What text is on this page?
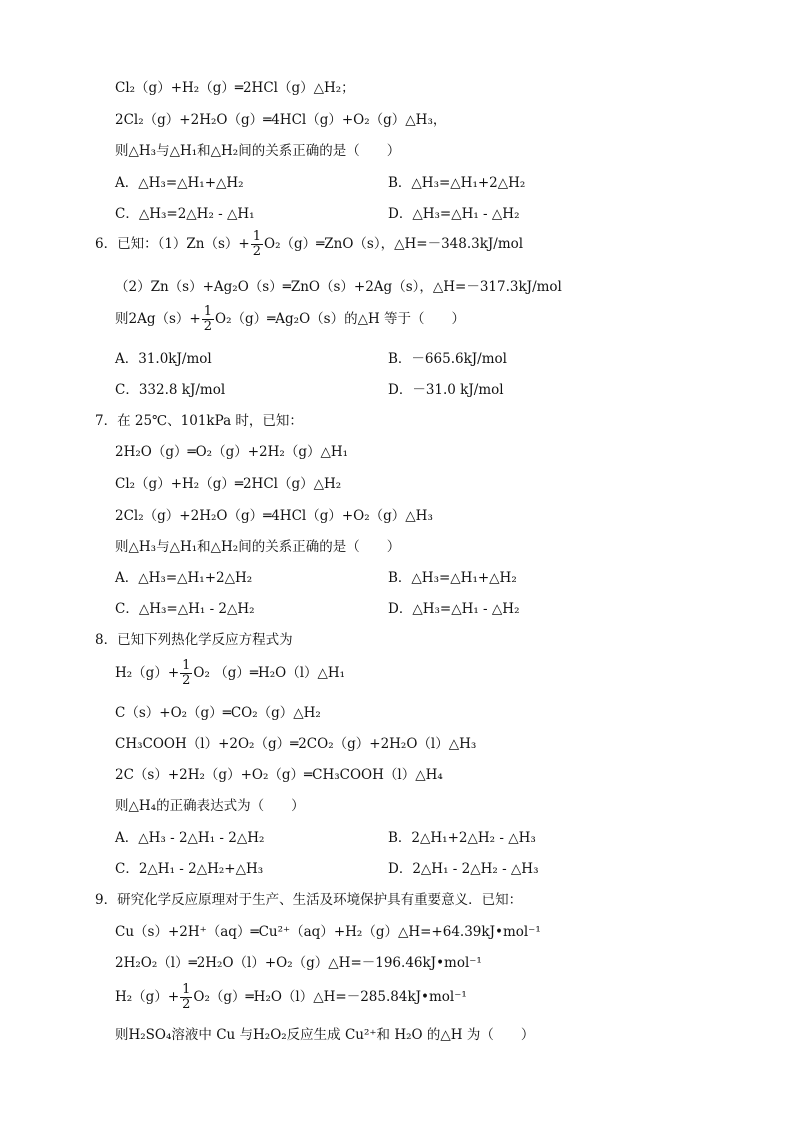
Cl₂（g）+H₂（g）═2HCl（g）△H₂；
2Cl₂（g）+2H₂O（g）═4HCl（g）+O₂（g）△H₃，
则△H₃与△H₁和△H₂间的关系正确的是（　　）
A．△H₃=△H₁+△H₂	B．△H₃=△H₁+2△H₂
C．△H₃=2△H₂ - △H₁	D．△H₃=△H₁ - △H₂
6．已知：$(1)Zn(s)+ \frac{1}{2}$ O₂（g）═ZnO（s），△H=－348.3kJ/mol
（2）Zn（s）+Ag₂O（s）═ZnO（s）+2Ag（s），△H=－317.3kJ/mol
则$2Ag(s)+ \frac{1}{2}$ O₂（g）═Ag₂O（s）的△H 等于（　　）
A．31.0kJ/mol	B．－665.6kJ/mol
C．332.8 kJ/mol	D．－31.0 kJ/mol
7．在 25℃、101kPa 时，已知：
2H₂O（g）═O₂（g）+2H₂（g）△H₁
Cl₂（g）+H₂（g）═2HCl（g）△H₂
2Cl₂（g）+2H₂O（g）═4HCl（g）+O₂（g）△H₃
则△H₃与△H₁和△H₂间的关系正确的是（　　）
A．△H₃=△H₁+2△H₂	B．△H₃=△H₁+△H₂
C．△H₃=△H₁ - 2△H₂	D．△H₃=△H₁ - △H₂
8．已知下列热化学反应方程式为
$H_2(g)+ \frac{1}{2} O_2$ （g）═H₂O（l）△H₁
C（s）+O₂（g）═CO₂（g）△H₂
CH₃COOH（l）+2O₂（g）═2CO₂（g）+2H₂O（l）△H₃
2C（s）+2H₂（g）+O₂（g）═CH₃COOH（l）△H₄
则△H₄的正确表达式为（　　）
A．△H₃ - 2△H₁ - 2△H₂	B．2△H₁+2△H₂ - △H₃
C．2△H₁ - 2△H₂+△H₃	D．2△H₁ - 2△H₂ - △H₃
9．研究化学反应原理对于生产、生活及环境保护具有重要意义．已知：
Cu（s）+2H⁺（aq）═Cu²⁺（aq）+H₂（g）△H=+64.39kJ•mol⁻¹
2H₂O₂（l）═2H₂O（l）+O₂（g）△H=－196.46kJ•mol⁻¹
$H_2(g)+ \frac{1}{2}$ O₂（g）═H₂O（l）△H=－285.84kJ•mol⁻¹
则H₂SO₄溶液中 Cu 与H₂O₂反应生成 Cu²⁺和 H₂O 的△H 为（　　）
